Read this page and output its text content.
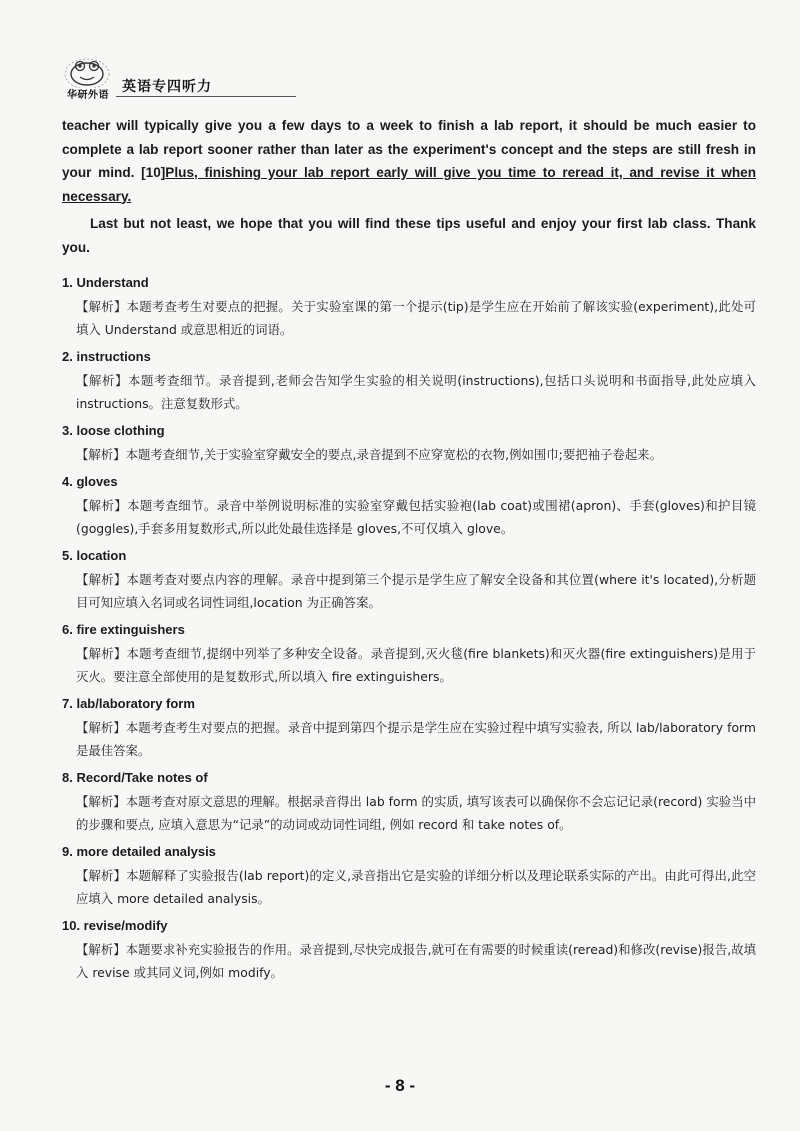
华研外语
英语专四听力

teacher will typically give you a few days to a week to finish a lab report, it should be much easier to complete a lab report sooner rather than later as the experiment's concept and the steps are still fresh in your mind. [10]Plus, finishing your lab report early will give you time to reread it, and revise it when necessary.

Last but not least, we hope that you will find these tips useful and enjoy your first lab class. Thank you.

1. Understand

【解析】本题考查考生对要点的把握。关于实验室课的第一个提示(tip)是学生应在开始前了解该实验(experiment),此处可填入 Understand 或意思相近的词语。

2. instructions

【解析】本题考查细节。录音提到,老师会告知学生实验的相关说明(instructions),包括口头说明和书面指导,此处应填入 instructions。注意复数形式。

3. loose clothing

【解析】本题考查细节,关于实验室穿戴安全的要点,录音提到不应穿宽松的衣物,例如围巾;要把袖子卷起来。

4. gloves

【解析】本题考查细节。录音中举例说明标准的实验室穿戴包括实验袍(lab coat)或围裙(apron)、手套(gloves)和护目镜(goggles),手套多用复数形式,所以此处最佳选择是 gloves,不可仅填入 glove。

5. location

【解析】本题考查对要点内容的理解。录音中提到第三个提示是学生应了解安全设备和其位置(where it's located),分析题目可知应填入名词或名词性词组,location 为正确答案。

6. fire extinguishers

【解析】本题考查细节,提纲中列举了多种安全设备。录音提到,灭火毯(fire blankets)和灭火器(fire extinguishers)是用于灭火。要注意全部使用的是复数形式,所以填入 fire extinguishers。

7. lab/laboratory form

【解析】本题考查考生对要点的把握。录音中提到第四个提示是学生应在实验过程中填写实验表, 所以 lab/laboratory form 是最佳答案。

8. Record/Take notes of

【解析】本题考查对原文意思的理解。根据录音得出 lab form 的实质, 填写该表可以确保你不会忘记记录(record) 实验当中的步骤和要点, 应填入意思为“记录”的动词或动词性词组, 例如 record 和 take notes of。

9. more detailed analysis

【解析】本题解释了实验报告(lab report)的定义,录音指出它是实验的详细分析以及理论联系实际的产出。由此可得出,此空应填入 more detailed analysis。

10. revise/modify

【解析】本题要求补充实验报告的作用。录音提到,尽快完成报告,就可在有需要的时候重读(reread)和修改(revise)报告,故填入 revise 或其同义词,例如 modify。

- 8 -
